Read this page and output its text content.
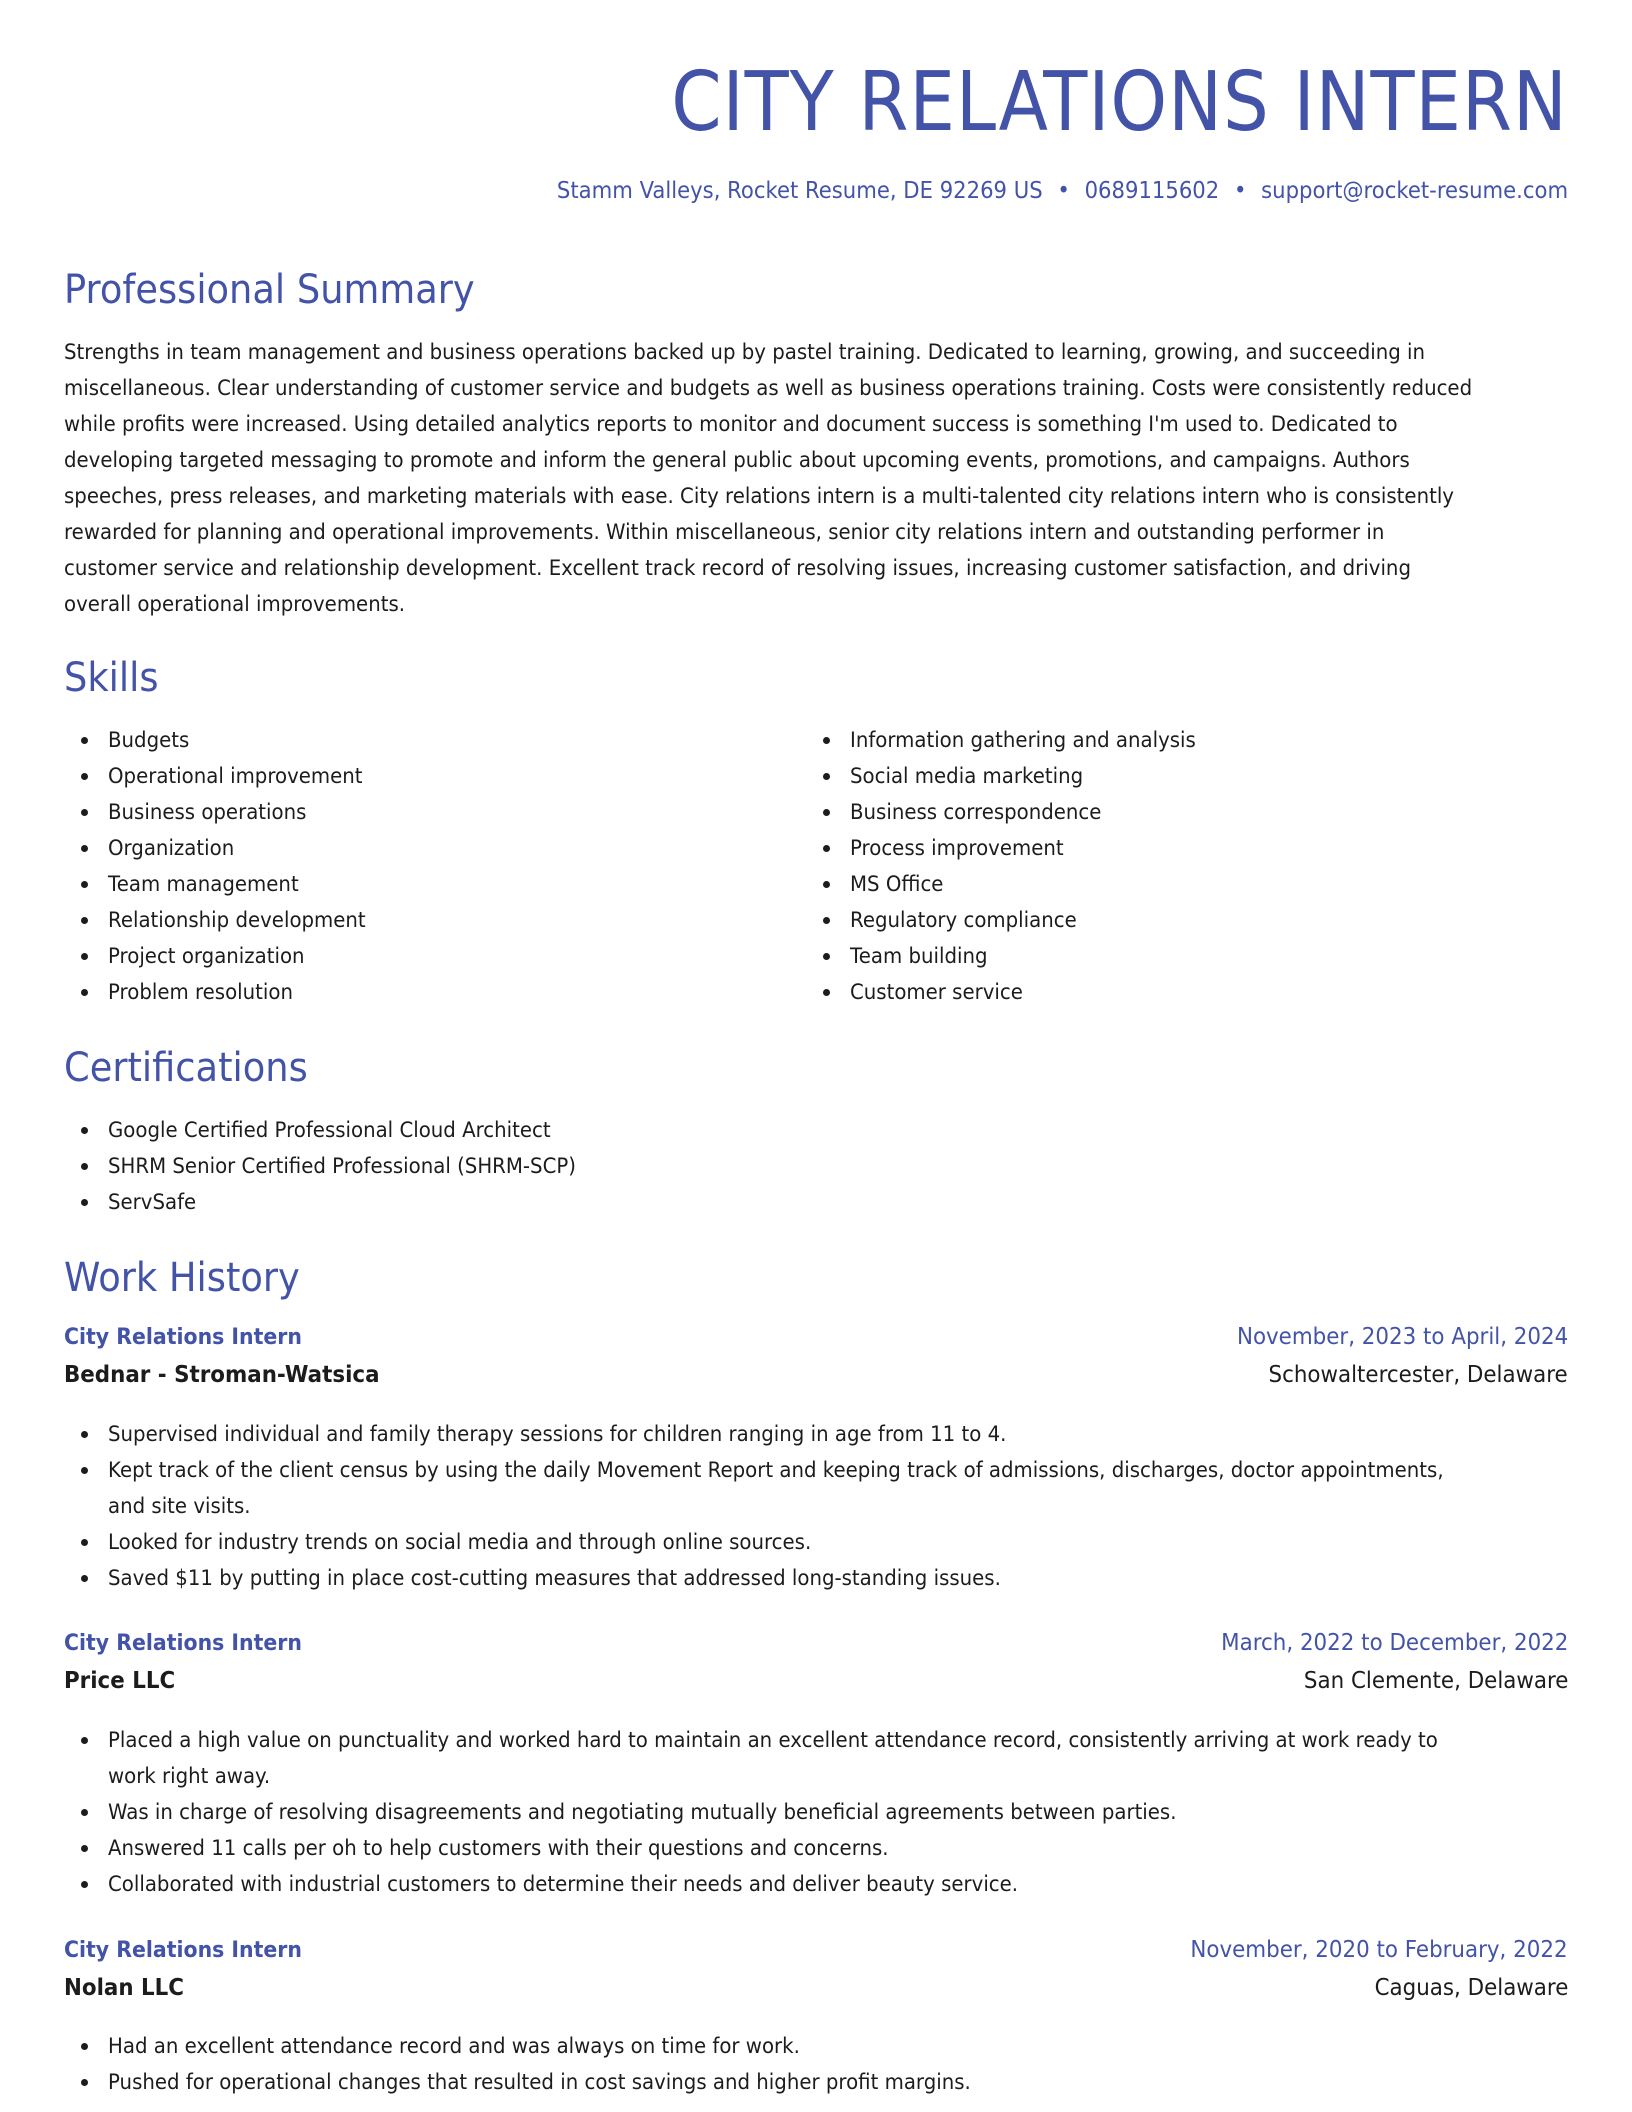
CITY RELATIONS INTERN
Stamm Valleys, Rocket Resume, DE 92269 US • 0689115602 • support@rocket-resume.com
Professional Summary
Strengths in team management and business operations backed up by pastel training. Dedicated to learning, growing, and succeeding in
miscellaneous. Clear understanding of customer service and budgets as well as business operations training. Costs were consistently reduced
while profits were increased. Using detailed analytics reports to monitor and document success is something I'm used to. Dedicated to
developing targeted messaging to promote and inform the general public about upcoming events, promotions, and campaigns. Authors
speeches, press releases, and marketing materials with ease. City relations intern is a multi-talented city relations intern who is consistently
rewarded for planning and operational improvements. Within miscellaneous, senior city relations intern and outstanding performer in
customer service and relationship development. Excellent track record of resolving issues, increasing customer satisfaction, and driving
overall operational improvements.
Skills
Budgets
Operational improvement
Business operations
Organization
Team management
Relationship development
Project organization
Problem resolution
Information gathering and analysis
Social media marketing
Business correspondence
Process improvement
MS Office
Regulatory compliance
Team building
Customer service
Certifications
Google Certified Professional Cloud Architect
SHRM Senior Certified Professional (SHRM-SCP)
ServSafe
Work History
City Relations Intern	November, 2023 to April, 2024
Bednar - Stroman-Watsica	Schowaltercester, Delaware
Supervised individual and family therapy sessions for children ranging in age from 11 to 4.
Kept track of the client census by using the daily Movement Report and keeping track of admissions, discharges, doctor appointments,
and site visits.
Looked for industry trends on social media and through online sources.
Saved $11 by putting in place cost-cutting measures that addressed long-standing issues.
City Relations Intern	March, 2022 to December, 2022
Price LLC	San Clemente, Delaware
Placed a high value on punctuality and worked hard to maintain an excellent attendance record, consistently arriving at work ready to
work right away.
Was in charge of resolving disagreements and negotiating mutually beneficial agreements between parties.
Answered 11 calls per oh to help customers with their questions and concerns.
Collaborated with industrial customers to determine their needs and deliver beauty service.
City Relations Intern	November, 2020 to February, 2022
Nolan LLC	Caguas, Delaware
Had an excellent attendance record and was always on time for work.
Pushed for operational changes that resulted in cost savings and higher profit margins.
